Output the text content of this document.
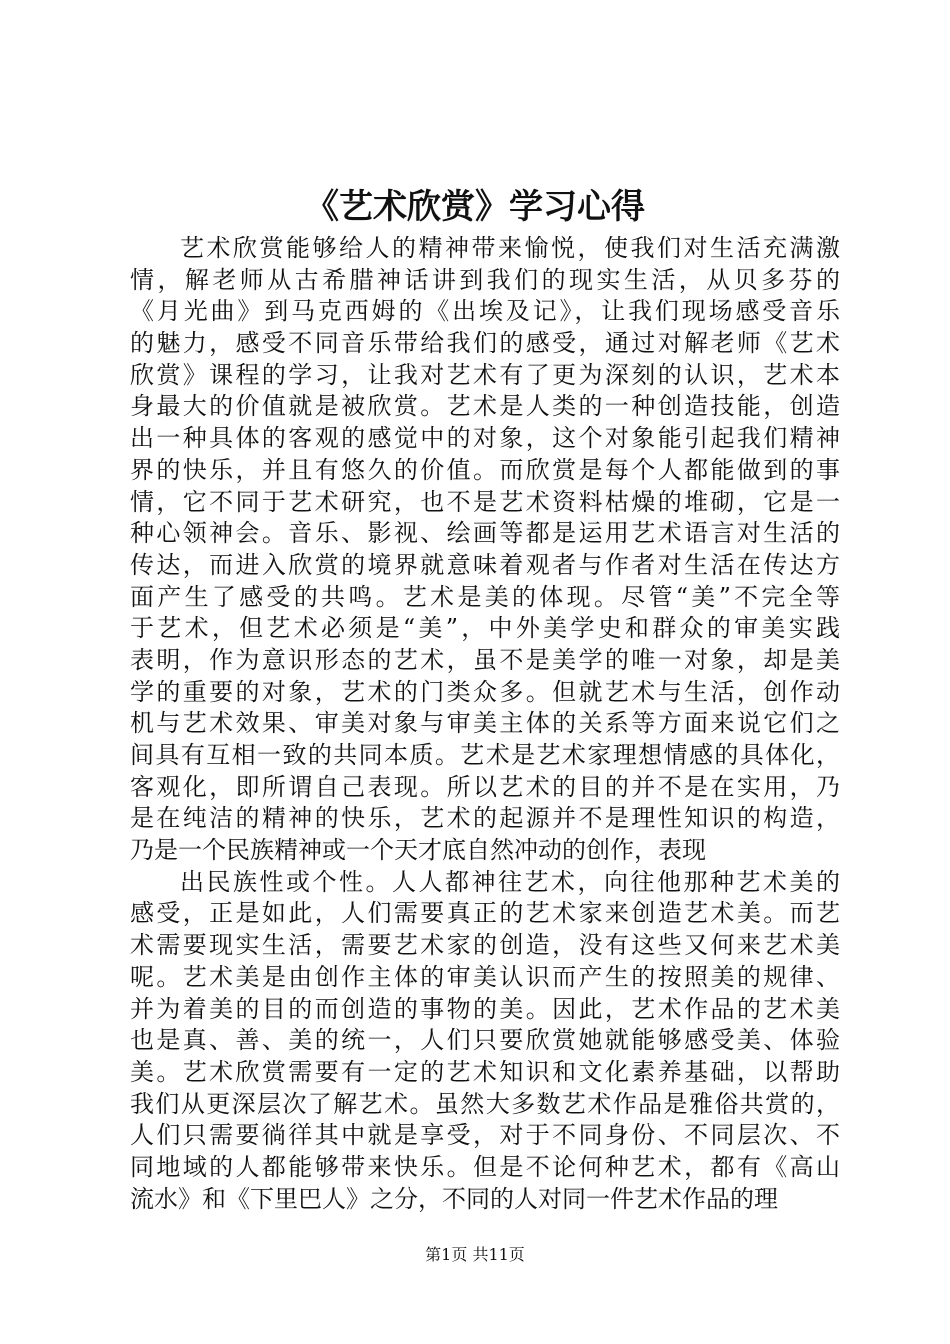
《艺术欣赏》学习心得
艺术欣赏能够给人的精神带来愉悦，使我们对生活充满激
情，解老师从古希腊神话讲到我们的现实生活，从贝多芬的
《月光曲》到马克西姆的《出埃及记》，让我们现场感受音乐
的魅力，感受不同音乐带给我们的感受，通过对解老师《艺术
欣赏》课程的学习，让我对艺术有了更为深刻的认识，艺术本
身最大的价值就是被欣赏。艺术是人类的一种创造技能，创造
出一种具体的客观的感觉中的对象，这个对象能引起我们精神
界的快乐，并且有悠久的价值。而欣赏是每个人都能做到的事
情，它不同于艺术研究，也不是艺术资料枯燥的堆砌，它是一
种心领神会。音乐、影视、绘画等都是运用艺术语言对生活的
传达，而进入欣赏的境界就意味着观者与作者对生活在传达方
面产生了感受的共鸣。艺术是美的体现。尽管“美”不完全等
于艺术，但艺术必须是“美”，中外美学史和群众的审美实践
表明，作为意识形态的艺术，虽不是美学的唯一对象，却是美
学的重要的对象，艺术的门类众多。但就艺术与生活，创作动
机与艺术效果、审美对象与审美主体的关系等方面来说它们之
间具有互相一致的共同本质。艺术是艺术家理想情感的具体化，
客观化，即所谓自己表现。所以艺术的目的并不是在实用，乃
是在纯洁的精神的快乐，艺术的起源并不是理性知识的构造，
乃是一个民族精神或一个天才底自然冲动的创作，表现
出民族性或个性。人人都神往艺术，向往他那种艺术美的
感受，正是如此，人们需要真正的艺术家来创造艺术美。而艺
术需要现实生活，需要艺术家的创造，没有这些又何来艺术美
呢。艺术美是由创作主体的审美认识而产生的按照美的规律、
并为着美的目的而创造的事物的美。因此，艺术作品的艺术美
也是真、善、美的统一，人们只要欣赏她就能够感受美、体验
美。艺术欣赏需要有一定的艺术知识和文化素养基础，以帮助
我们从更深层次了解艺术。虽然大多数艺术作品是雅俗共赏的，
人们只需要徜徉其中就是享受，对于不同身份、不同层次、不
同地域的人都能够带来快乐。但是不论何种艺术，都有《高山
流水》和《下里巴人》之分，不同的人对同一件艺术作品的理
第1页 共11页
